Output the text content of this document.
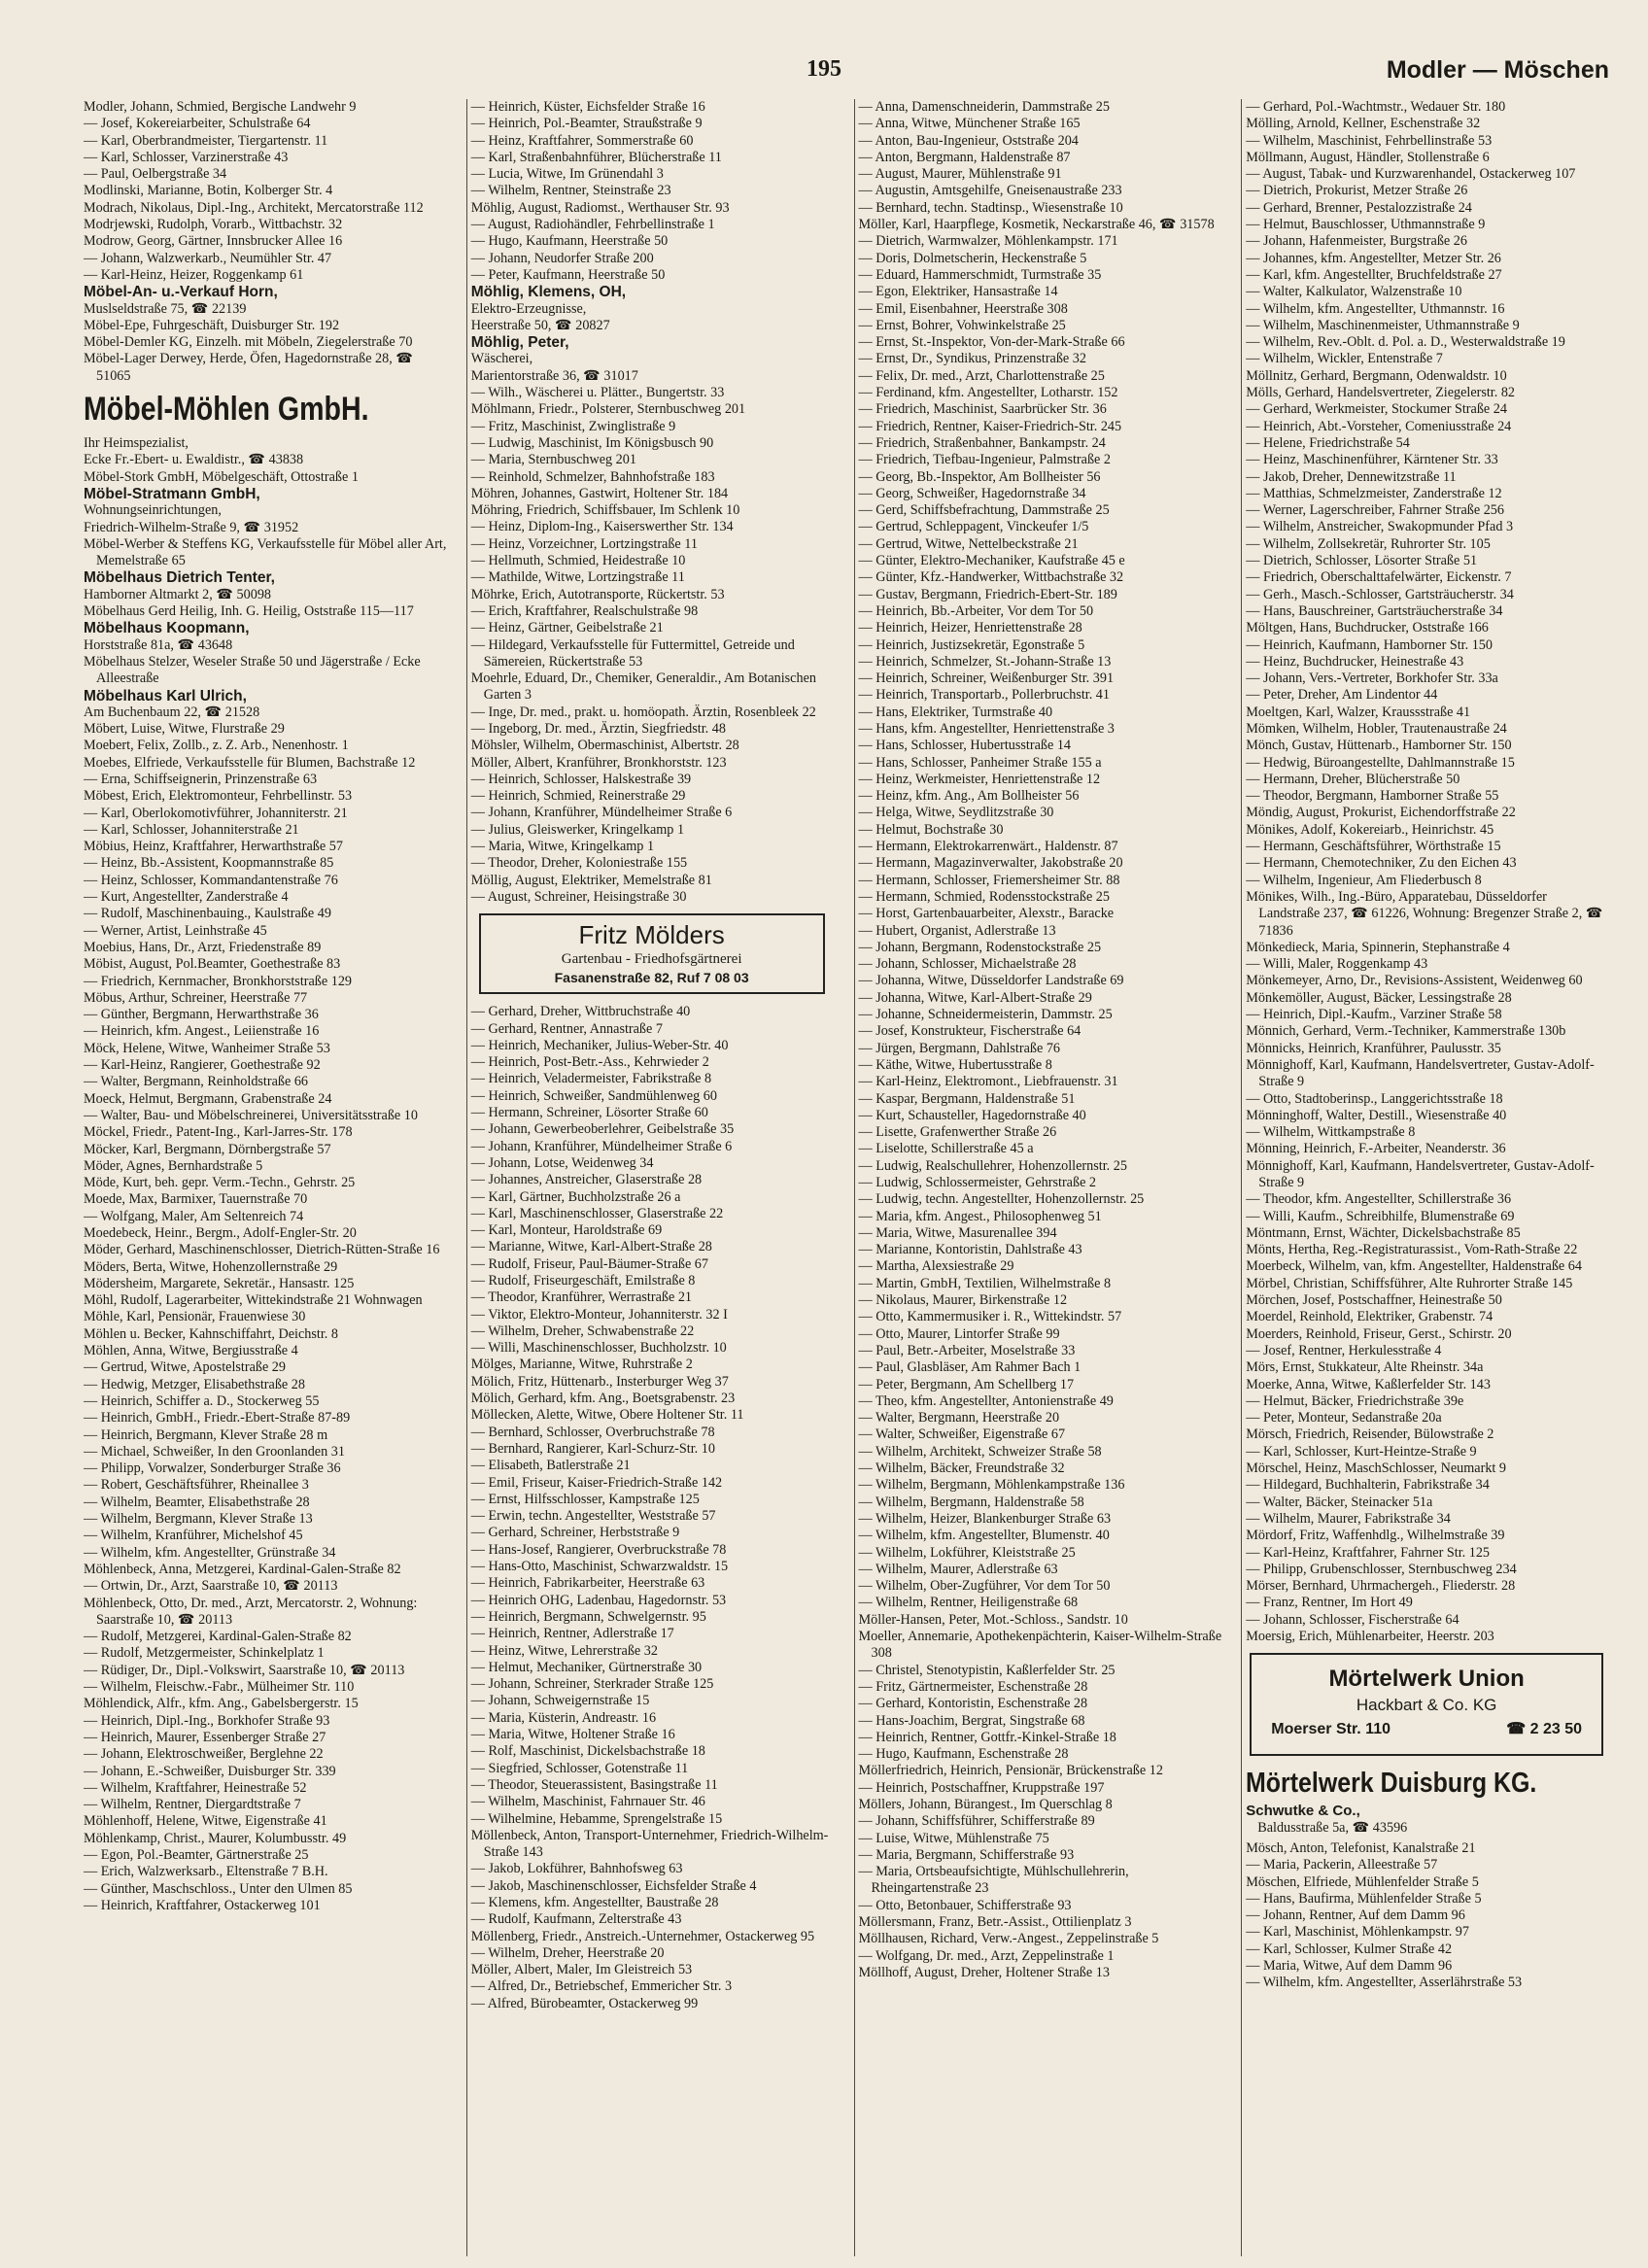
195	Modler — Möschen

Modler, Johann, Schmied, Bergische Landwehr 9

— Josef, Kokereiarbeiter, Schulstraße 64

— Karl, Oberbrandmeister, Tiergartenstr. 11

— Karl, Schlosser, Varzinerstraße 43

— Paul, Oelbergstraße 34

Modlinski, Marianne, Botin, Kolberger Str. 4

Modrach, Nikolaus, Dipl.-Ing., Architekt, Mercatorstraße 112

Modrjewski, Rudolph, Vorarb., Wittbachstr. 32

Modrow, Georg, Gärtner, Innsbrucker Allee 16

— Johann, Walzwerkarb., Neumühler Str. 47

— Karl-Heinz, Heizer, Roggenkamp 61

Möbel-An- u.-Verkauf Horn,

Muslseldstraße 75, ☎ 22139

Möbel-Epe, Fuhrgeschäft, Duisburger Str. 192

Möbel-Demler KG, Einzelh. mit Möbeln, Ziegelerstraße 70

Möbel-Lager Derwey, Herde, Öfen, Hagedornstraße 28, ☎ 51065

Möbel-Möhlen GmbH.

Ihr Heimspezialist,

Ecke Fr.-Ebert- u. Ewaldistr., ☎ 43838

Möbel-Stork GmbH, Möbelgeschäft, Ottostraße 1

Möbel-Stratmann GmbH,

Wohnungseinrichtungen,

Friedrich-Wilhelm-Straße 9, ☎ 31952

Möbel-Werber & Steffens KG, Verkaufsstelle für Möbel aller Art, Memelstraße 65

Möbelhaus Dietrich Tenter,

Hamborner Altmarkt 2, ☎ 50098

Möbelhaus Gerd Heilig, Inh. G. Heilig, Oststraße 115—117

Möbelhaus Koopmann,

Horststraße 81a, ☎ 43648

Möbelhaus Stelzer, Weseler Straße 50 und Jägerstraße / Ecke Alleestraße

Möbelhaus Karl Ulrich,

Am Buchenbaum 22, ☎ 21528

Möbert, Luise, Witwe, Flurstraße 29

Moebert, Felix, Zollb., z. Z. Arb., Nenenhostr. 1

Moebes, Elfriede, Verkaufsstelle für Blumen, Bachstraße 12

— Erna, Schiffseignerin, Prinzenstraße 63

Möbest, Erich, Elektromonteur, Fehrbellinstr. 53

— Karl, Oberlokomotivführer, Johanniterstr. 21

— Karl, Schlosser, Johanniterstraße 21

Möbius, Heinz, Kraftfahrer, Herwarthstraße 57

— Heinz, Bb.-Assistent, Koopmannstraße 85

— Heinz, Schlosser, Kommandantenstraße 76

— Kurt, Angestellter, Zanderstraße 4

— Rudolf, Maschinenbauing., Kaulstraße 49

— Werner, Artist, Leinhstraße 45

Moebius, Hans, Dr., Arzt, Friedenstraße 89

Möbist, August, Pol.Beamter, Goethestraße 83

— Friedrich, Kernmacher, Bronkhorststraße 129

Möbus, Arthur, Schreiner, Heerstraße 77

— Günther, Bergmann, Herwarthstraße 36

— Heinrich, kfm. Angest., Leiienstraße 16

Möck, Helene, Witwe, Wanheimer Straße 53

— Karl-Heinz, Rangierer, Goethestraße 92

— Walter, Bergmann, Reinholdstraße 66

Moeck, Helmut, Bergmann, Grabenstraße 24

— Walter, Bau- und Möbelschreinerei, Universitätsstraße 10

Möckel, Friedr., Patent-Ing., Karl-Jarres-Str. 178

Möcker, Karl, Bergmann, Dörnbergstraße 57

Möder, Agnes, Bernhardstraße 5

Möde, Kurt, beh. gepr. Verm.-Techn., Gehrstr. 25

Moede, Max, Barmixer, Tauernstraße 70

— Wolfgang, Maler, Am Seltenreich 74

Moedebeck, Heinr., Bergm., Adolf-Engler-Str. 20

Möder, Gerhard, Maschinenschlosser, Dietrich-Rütten-Straße 16

Möders, Berta, Witwe, Hohenzollernstraße 29

Mödersheim, Margarete, Sekretär., Hansastr. 125

Möhl, Rudolf, Lagerarbeiter, Wittekindstraße 21 Wohnwagen

Möhle, Karl, Pensionär, Frauenwiese 30

Möhlen u. Becker, Kahnschiffahrt, Deichstr. 8

Möhlen, Anna, Witwe, Bergiusstraße 4

— Gertrud, Witwe, Apostelstraße 29

— Hedwig, Metzger, Elisabethstraße 28

— Heinrich, Schiffer a. D., Stockerweg 55

— Heinrich, GmbH., Friedr.-Ebert-Straße 87-89

— Heinrich, Bergmann, Klever Straße 28 m

— Michael, Schweißer, In den Groonlanden 31

— Philipp, Vorwalzer, Sonderburger Straße 36

— Robert, Geschäftsführer, Rheinallee 3

— Wilhelm, Beamter, Elisabethstraße 28

— Wilhelm, Bergmann, Klever Straße 13

— Wilhelm, Kranführer, Michelshof 45

— Wilhelm, kfm. Angestellter, Grünstraße 34

Möhlenbeck, Anna, Metzgerei, Kardinal-Galen-Straße 82

— Ortwin, Dr., Arzt, Saarstraße 10, ☎ 20113

Möhlenbeck, Otto, Dr. med., Arzt, Mercatorstr. 2, Wohnung: Saarstraße 10, ☎ 20113

— Rudolf, Metzgerei, Kardinal-Galen-Straße 82

— Rudolf, Metzgermeister, Schinkelplatz 1

— Rüdiger, Dr., Dipl.-Volkswirt, Saarstraße 10, ☎ 20113

— Wilhelm, Fleischw.-Fabr., Mülheimer Str. 110

Möhlendick, Alfr., kfm. Ang., Gabelsbergerstr. 15

— Heinrich, Dipl.-Ing., Borkhofer Straße 93

— Heinrich, Maurer, Essenberger Straße 27

— Johann, Elektroschweißer, Berglehne 22

— Johann, E.-Schweißer, Duisburger Str. 339

— Wilhelm, Kraftfahrer, Heinestraße 52

— Wilhelm, Rentner, Diergardtstraße 7

Möhlenhoff, Helene, Witwe, Eigenstraße 41

Möhlenkamp, Christ., Maurer, Kolumbusstr. 49

— Egon, Pol.-Beamter, Gärtnerstraße 25

— Erich, Walzwerksarb., Eltenstraße 7 B.H.

— Günther, Maschschloss., Unter den Ulmen 85

— Heinrich, Kraftfahrer, Ostackerweg 101

— Heinrich, Küster, Eichsfelder Straße 16

— Heinrich, Pol.-Beamter, Straußstraße 9

— Heinz, Kraftfahrer, Sommerstraße 60

— Karl, Straßenbahnführer, Blücherstraße 11

— Lucia, Witwe, Im Grünendahl 3

— Wilhelm, Rentner, Steinstraße 23

Möhlig, August, Radiomst., Werthauser Str. 93

— August, Radiohändler, Fehrbellinstraße 1

— Hugo, Kaufmann, Heerstraße 50

— Johann, Neudorfer Straße 200

— Peter, Kaufmann, Heerstraße 50

Möhlig, Klemens, OH,

Elektro-Erzeugnisse,

Heerstraße 50, ☎ 20827

Möhlig, Peter,

Wäscherei,

Marientorstraße 36, ☎ 31017

— Wilh., Wäscherei u. Plätter., Bungertstr. 33

Möhlmann, Friedr., Polsterer, Sternbuschweg 201

— Fritz, Maschinist, Zwinglistraße 9

— Ludwig, Maschinist, Im Königsbusch 90

— Maria, Sternbuschweg 201

— Reinhold, Schmelzer, Bahnhofstraße 183

Möhren, Johannes, Gastwirt, Holtener Str. 184

Möhring, Friedrich, Schiffsbauer, Im Schlenk 10

— Heinz, Diplom-Ing., Kaiserswerther Str. 134

— Heinz, Vorzeichner, Lortzingstraße 11

— Hellmuth, Schmied, Heidestraße 10

— Mathilde, Witwe, Lortzingstraße 11

Möhrke, Erich, Autotransporte, Rückertstr. 53

— Erich, Kraftfahrer, Realschulstraße 98

— Heinz, Gärtner, Geibelstraße 21

— Hildegard, Verkaufsstelle für Futtermittel, Getreide und Sämereien, Rückertstraße 53

Moehrle, Eduard, Dr., Chemiker, Generaldir., Am Botanischen Garten 3

— Inge, Dr. med., prakt. u. homöopath. Ärztin, Rosenbleek 22

— Ingeborg, Dr. med., Ärztin, Siegfriedstr. 48

Möhsler, Wilhelm, Obermaschinist, Albertstr. 28

Möller, Albert, Kranführer, Bronkhorststr. 123

— Heinrich, Schlosser, Halskestraße 39

— Heinrich, Schmied, Reinerstraße 29

— Johann, Kranführer, Mündelheimer Straße 6

— Julius, Gleiswerker, Kringelkamp 1

— Maria, Witwe, Kringelkamp 1

— Theodor, Dreher, Koloniestraße 155

Möllig, August, Elektriker, Memelstraße 81

— August, Schreiner, Heisingstraße 30

Fritz Mölders
Gartenbau - Friedhofsgärtnerei
Fasanenstraße 82, Ruf 7 08 03

— Gerhard, Dreher, Wittbruchstraße 40

— Gerhard, Rentner, Annastraße 7

— Heinrich, Mechaniker, Julius-Weber-Str. 40

— Heinrich, Post-Betr.-Ass., Kehrwieder 2

— Heinrich, Veladermeister, Fabrikstraße 8

— Heinrich, Schweißer, Sandmühlenweg 60

— Hermann, Schreiner, Lösorter Straße 60

— Johann, Gewerbeoberlehrer, Geibelstraße 35

— Johann, Kranführer, Mündelheimer Straße 6

— Johann, Lotse, Weidenweg 34

— Johannes, Anstreicher, Glaserstraße 28

— Karl, Gärtner, Buchholzstraße 26 a

— Karl, Maschinenschlosser, Glaserstraße 22

— Karl, Monteur, Haroldstraße 69

— Marianne, Witwe, Karl-Albert-Straße 28

— Rudolf, Friseur, Paul-Bäumer-Straße 67

— Rudolf, Friseurgeschäft, Emilstraße 8

— Theodor, Kranführer, Werrastraße 21

— Viktor, Elektro-Monteur, Johanniterstr. 32 I

— Wilhelm, Dreher, Schwabenstraße 22

— Willi, Maschinenschlosser, Buchholzstr. 10

Mölges, Marianne, Witwe, Ruhrstraße 2

Mölich, Fritz, Hüttenarb., Insterburger Weg 37

Mölich, Gerhard, kfm. Ang., Boetsgrabenstr. 23

Möllecken, Alette, Witwe, Obere Holtener Str. 11

— Bernhard, Schlosser, Overbruchstraße 78

— Bernhard, Rangierer, Karl-Schurz-Str. 10

— Elisabeth, Batlerstraße 21

— Emil, Friseur, Kaiser-Friedrich-Straße 142

— Ernst, Hilfsschlosser, Kampstraße 125

— Erwin, techn. Angestellter, Weststraße 57

— Gerhard, Schreiner, Herbststraße 9

— Hans-Josef, Rangierer, Overbruckstraße 78

— Hans-Otto, Maschinist, Schwarzwaldstr. 15

— Heinrich, Fabrikarbeiter, Heerstraße 63

— Heinrich OHG, Ladenbau, Hagedornstr. 53

— Heinrich, Bergmann, Schwelgernstr. 95

— Heinrich, Rentner, Adlerstraße 17

— Heinz, Witwe, Lehrerstraße 32

— Helmut, Mechaniker, Gürtnerstraße 30

— Johann, Schreiner, Sterkrader Straße 125

— Johann, Schweigernstraße 15

— Maria, Küsterin, Andreastr. 16

— Maria, Witwe, Holtener Straße 16

— Rolf, Maschinist, Dickelsbachstraße 18

— Siegfried, Schlosser, Gotenstraße 11

— Theodor, Steuerassistent, Basingstraße 11

— Wilhelm, Maschinist, Fahrnauer Str. 46

— Wilhelmine, Hebamme, Sprengelstraße 15

Möllenbeck, Anton, Transport-Unternehmer, Friedrich-Wilhelm-Straße 143

— Jakob, Lokführer, Bahnhofsweg 63

— Jakob, Maschinenschlosser, Eichsfelder Straße 4

— Klemens, kfm. Angestellter, Baustraße 28

— Rudolf, Kaufmann, Zelterstraße 43

Möllenberg, Friedr., Anstreich.-Unternehmer, Ostackerweg 95

— Wilhelm, Dreher, Heerstraße 20

Möller, Albert, Maler, Im Gleistreich 53

— Alfred, Dr., Betriebschef, Emmericher Str. 3

— Alfred, Bürobeamter, Ostackerweg 99

— Anna, Damenschneiderin, Dammstraße 25

— Anna, Witwe, Münchener Straße 165

— Anton, Bau-Ingenieur, Oststraße 204

— Anton, Bergmann, Haldenstraße 87

— August, Maurer, Mühlenstraße 91

— Augustin, Amtsgehilfe, Gneisenaustraße 233

— Bernhard, techn. Stadtinsp., Wiesenstraße 10

Möller, Karl, Haarpflege, Kosmetik, Neckarstraße 46, ☎ 31578

— Dietrich, Warmwalzer, Möhlenkampstr. 171

— Doris, Dolmetscherin, Heckenstraße 5

— Eduard, Hammerschmidt, Turmstraße 35

— Egon, Elektriker, Hansastraße 14

— Emil, Eisenbahner, Heerstraße 308

— Ernst, Bohrer, Vohwinkelstraße 25

— Ernst, St.-Inspektor, Von-der-Mark-Straße 66

— Ernst, Dr., Syndikus, Prinzenstraße 32

— Felix, Dr. med., Arzt, Charlottenstraße 25

— Ferdinand, kfm. Angestellter, Lotharstr. 152

— Friedrich, Maschinist, Saarbrücker Str. 36

— Friedrich, Rentner, Kaiser-Friedrich-Str. 245

— Friedrich, Straßenbahner, Bankampstr. 24

— Friedrich, Tiefbau-Ingenieur, Palmstraße 2

— Georg, Bb.-Inspektor, Am Bollheister 56

— Georg, Schweißer, Hagedornstraße 34

— Gerd, Schiffsbefrachtung, Dammstraße 25

— Gertrud, Schleppagent, Vinckeufer 1/5

— Gertrud, Witwe, Nettelbeckstraße 21

— Günter, Elektro-Mechaniker, Kaufstraße 45 e

— Günter, Kfz.-Handwerker, Wittbachstraße 32

— Gustav, Bergmann, Friedrich-Ebert-Str. 189

— Heinrich, Bb.-Arbeiter, Vor dem Tor 50

— Heinrich, Heizer, Henriettenstraße 28

— Heinrich, Justizsekretär, Egonstraße 5

— Heinrich, Schmelzer, St.-Johann-Straße 13

— Heinrich, Schreiner, Weißenburger Str. 391

— Heinrich, Transportarb., Pollerbruchstr. 41

— Hans, Elektriker, Turmstraße 40

— Hans, kfm. Angestellter, Henriettenstraße 3

— Hans, Schlosser, Hubertusstraße 14

— Hans, Schlosser, Panheimer Straße 155 a

— Heinz, Werkmeister, Henriettenstraße 12

— Heinz, kfm. Ang., Am Bollheister 56

— Helga, Witwe, Seydlitzstraße 30

— Helmut, Bochstraße 30

— Hermann, Elektrokarrenwärt., Haldenstr. 87

— Hermann, Magazinverwalter, Jakobstraße 20

— Hermann, Schlosser, Friemersheimer Str. 88

— Hermann, Schmied, Rodensstockstraße 25

— Horst, Gartenbauarbeiter, Alexstr., Baracke

— Hubert, Organist, Adlerstraße 13

— Johann, Bergmann, Rodenstockstraße 25

— Johann, Schlosser, Michaelstraße 28

— Johanna, Witwe, Düsseldorfer Landstraße 69

— Johanna, Witwe, Karl-Albert-Straße 29

— Johanne, Schneidermeisterin, Dammstr. 25

— Josef, Konstrukteur, Fischerstraße 64

— Jürgen, Bergmann, Dahlstraße 76

— Käthe, Witwe, Hubertusstraße 8

— Karl-Heinz, Elektromont., Liebfrauenstr. 31

— Kaspar, Bergmann, Haldenstraße 51

— Kurt, Schausteller, Hagedornstraße 40

— Lisette, Grafenwerther Straße 26

— Liselotte, Schillerstraße 45 a

— Ludwig, Realschullehrer, Hohenzollernstr. 25

— Ludwig, Schlossermeister, Gehrstraße 2

— Ludwig, techn. Angestellter, Hohenzollernstr. 25

— Maria, kfm. Angest., Philosophenweg 51

— Maria, Witwe, Masurenallee 394

— Marianne, Kontoristin, Dahlstraße 43

— Martha, Alexsiestraße 29

— Martin, GmbH, Textilien, Wilhelmstraße 8

— Nikolaus, Maurer, Birkenstraße 12

— Otto, Kammermusiker i. R., Wittekindstr. 57

— Otto, Maurer, Lintorfer Straße 99

— Paul, Betr.-Arbeiter, Moselstraße 33

— Paul, Glasbläser, Am Rahmer Bach 1

— Peter, Bergmann, Am Schellberg 17

— Theo, kfm. Angestellter, Antonienstraße 49

— Walter, Bergmann, Heerstraße 20

— Walter, Schweißer, Eigenstraße 67

— Wilhelm, Architekt, Schweizer Straße 58

— Wilhelm, Bäcker, Freundstraße 32

— Wilhelm, Bergmann, Möhlenkampstraße 136

— Wilhelm, Bergmann, Haldenstraße 58

— Wilhelm, Heizer, Blankenburger Straße 63

— Wilhelm, kfm. Angestellter, Blumenstr. 40

— Wilhelm, Lokführer, Kleiststraße 25

— Wilhelm, Maurer, Adlerstraße 63

— Wilhelm, Ober-Zugführer, Vor dem Tor 50

— Wilhelm, Rentner, Heiligenstraße 68

Möller-Hansen, Peter, Mot.-Schloss., Sandstr. 10

Moeller, Annemarie, Apothekenpächterin, Kaiser-Wilhelm-Straße 308

— Christel, Stenotypistin, Kaßlerfelder Str. 25

— Fritz, Gärtnermeister, Eschenstraße 28

— Gerhard, Kontoristin, Eschenstraße 28

— Hans-Joachim, Bergrat, Singstraße 68

— Heinrich, Rentner, Gottfr.-Kinkel-Straße 18

— Hugo, Kaufmann, Eschenstraße 28

Möllerfriedrich, Heinrich, Pensionär, Brückenstraße 12

— Heinrich, Postschaffner, Kruppstraße 197

Möllers, Johann, Bürangest., Im Querschlag 8

— Johann, Schiffsführer, Schifferstraße 89

— Luise, Witwe, Mühlenstraße 75

— Maria, Bergmann, Schifferstraße 93

— Maria, Ortsbeaufsichtigte, Mühlschullehrerin, Rheingartenstraße 23

— Otto, Betonbauer, Schifferstraße 93

Möllersmann, Franz, Betr.-Assist., Ottilienplatz 3

Möllhausen, Richard, Verw.-Angest., Zeppelinstraße 5

— Wolfgang, Dr. med., Arzt, Zeppelinstraße 1

Möllhoff, August, Dreher, Holtener Straße 13

— Gerhard, Pol.-Wachtmstr., Wedauer Str. 180

Mölling, Arnold, Kellner, Eschenstraße 32

— Wilhelm, Maschinist, Fehrbellinstraße 53

Möllmann, August, Händler, Stollenstraße 6

— August, Tabak- und Kurzwarenhandel, Ostackerweg 107

— Dietrich, Prokurist, Metzer Straße 26

— Gerhard, Brenner, Pestalozzistraße 24

— Helmut, Bauschlosser, Uthmannstraße 9

— Johann, Hafenmeister, Burgstraße 26

— Johannes, kfm. Angestellter, Metzer Str. 26

— Karl, kfm. Angestellter, Bruchfeldstraße 27

— Walter, Kalkulator, Walzenstraße 10

— Wilhelm, kfm. Angestellter, Uthmannstr. 16

— Wilhelm, Maschinenmeister, Uthmannstraße 9

— Wilhelm, Rev.-Oblt. d. Pol. a. D., Westerwaldstraße 19

— Wilhelm, Wickler, Entenstraße 7

Möllnitz, Gerhard, Bergmann, Odenwaldstr. 10

Mölls, Gerhard, Handelsvertreter, Ziegelerstr. 82

— Gerhard, Werkmeister, Stockumer Straße 24

— Heinrich, Abt.-Vorsteher, Comeniusstraße 24

— Helene, Friedrichstraße 54

— Heinz, Maschinenführer, Kärntener Str. 33

— Jakob, Dreher, Dennewitzstraße 11

— Matthias, Schmelzmeister, Zanderstraße 12

— Werner, Lagerschreiber, Fahrner Straße 256

— Wilhelm, Anstreicher, Swakopmunder Pfad 3

— Wilhelm, Zollsekretär, Ruhrorter Str. 105

— Dietrich, Schlosser, Lösorter Straße 51

— Friedrich, Oberschalttafelwärter, Eickenstr. 7

— Gerh., Masch.-Schlosser, Gartsträucherstr. 34

— Hans, Bauschreiner, Gartsträucherstraße 34

Möltgen, Hans, Buchdrucker, Oststraße 166

— Heinrich, Kaufmann, Hamborner Str. 150

— Heinz, Buchdrucker, Heinestraße 43

— Johann, Vers.-Vertreter, Borkhofer Str. 33a

— Peter, Dreher, Am Lindentor 44

Moeltgen, Karl, Walzer, Kraussstraße 41

Mömken, Wilhelm, Hobler, Trautenaustraße 24

Mönch, Gustav, Hüttenarb., Hamborner Str. 150

— Hedwig, Büroangestellte, Dahlmannstraße 15

— Hermann, Dreher, Blücherstraße 50

— Theodor, Bergmann, Hamborner Straße 55

Möndig, August, Prokurist, Eichendorffstraße 22

Mönikes, Adolf, Kokereiarb., Heinrichstr. 45

— Hermann, Geschäftsführer, Wörthstraße 15

— Hermann, Chemotechniker, Zu den Eichen 43

— Wilhelm, Ingenieur, Am Fliederbusch 8

Mönikes, Wilh., Ing.-Büro, Apparatebau, Düsseldorfer Landstraße 237, ☎ 61226, Wohnung: Bregenzer Straße 2, ☎ 71836

Mönkedieck, Maria, Spinnerin, Stephanstraße 4

— Willi, Maler, Roggenkamp 43

Mönkemeyer, Arno, Dr., Revisions-Assistent, Weidenweg 60

Mönkemöller, August, Bäcker, Lessingstraße 28

— Heinrich, Dipl.-Kaufm., Varziner Straße 58

Mönnich, Gerhard, Verm.-Techniker, Kammerstraße 130b

Mönnicks, Heinrich, Kranführer, Paulusstr. 35

Mönnighoff, Karl, Kaufmann, Handelsvertreter, Gustav-Adolf-Straße 9

— Otto, Stadtoberinsp., Langgerichtsstraße 18

Mönninghoff, Walter, Destill., Wiesenstraße 40

— Wilhelm, Wittkampstraße 8

Mönning, Heinrich, F.-Arbeiter, Neanderstr. 36

Mönnighoff, Karl, Kaufmann, Handelsvertreter, Gustav-Adolf-Straße 9

— Theodor, kfm. Angestellter, Schillerstraße 36

— Willi, Kaufm., Schreibhilfe, Blumenstraße 69

Möntmann, Ernst, Wächter, Dickelsbachstraße 85

Mönts, Hertha, Reg.-Registraturassist., Vom-Rath-Straße 22

Moerbeck, Wilhelm, van, kfm. Angestellter, Haldenstraße 64

Mörbel, Christian, Schiffsführer, Alte Ruhrorter Straße 145

Mörchen, Josef, Postschaffner, Heinestraße 50

Moerdel, Reinhold, Elektriker, Grabenstr. 74

Moerders, Reinhold, Friseur, Gerst., Schirstr. 20

— Josef, Rentner, Herkulesstraße 4

Mörs, Ernst, Stukkateur, Alte Rheinstr. 34a

Moerke, Anna, Witwe, Kaßlerfelder Str. 143

— Helmut, Bäcker, Friedrichstraße 39e

— Peter, Monteur, Sedanstraße 20a

Mörsch, Friedrich, Reisender, Bülowstraße 2

— Karl, Schlosser, Kurt-Heintze-Straße 9

Mörschel, Heinz, MaschSchlosser, Neumarkt 9

— Hildegard, Buchhalterin, Fabrikstraße 34

— Walter, Bäcker, Steinacker 51a

— Wilhelm, Maurer, Fabrikstraße 34

Mördorf, Fritz, Waffenhdlg., Wilhelmstraße 39

— Karl-Heinz, Kraftfahrer, Fahrner Str. 125

— Philipp, Grubenschlosser, Sternbuschweg 234

Mörser, Bernhard, Uhrmachergeh., Fliederstr. 28

— Franz, Rentner, Im Hort 49

— Johann, Schlosser, Fischerstraße 64

Moersig, Erich, Mühlenarbeiter, Heerstr. 203

Mörtelwerk Union
Hackbart & Co. KG
Moerser Str. 110	☎ 2 23 50
Mörtelwerk Duisburg KG.

Schwutke & Co.,

Baldusstraße 5a, ☎ 43596

Mösch, Anton, Telefonist, Kanalstraße 21

— Maria, Packerin, Alleestraße 57

Möschen, Elfriede, Mühlenfelder Straße 5

— Hans, Baufirma, Mühlenfelder Straße 5

— Johann, Rentner, Auf dem Damm 96

— Karl, Maschinist, Möhlenkampstr. 97

— Karl, Schlosser, Kulmer Straße 42

— Maria, Witwe, Auf dem Damm 96

— Wilhelm, kfm. Angestellter, Asserlährstraße 53
